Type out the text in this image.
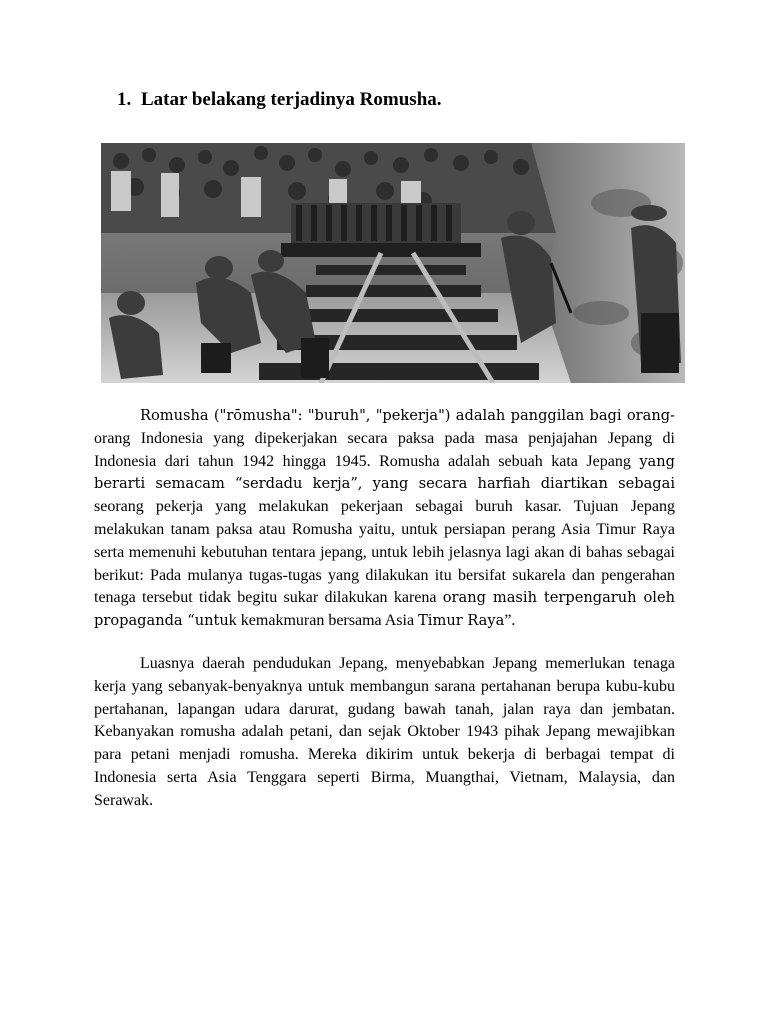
1. Latar belakang terjadinya Romusha.

Romusha ("rōmusha": "buruh", "pekerja") adalah panggilan bagi orang-orang Indonesia yang dipekerjakan secara paksa pada masa penjajahan Jepang di Indonesia dari tahun 1942 hingga 1945. Romusha adalah sebuah kata Jepang yang berarti semacam “serdadu kerja”, yang secara harfiah diartikan sebagai seorang pekerja yang melakukan pekerjaan sebagai buruh kasar. Tujuan Jepang melakukan tanam paksa atau Romusha yaitu, untuk persiapan perang Asia Timur Raya serta memenuhi kebutuhan tentara jepang, untuk lebih jelasnya lagi akan di bahas sebagai berikut: Pada mulanya tugas-tugas yang dilakukan itu bersifat sukarela dan pengerahan tenaga tersebut tidak begitu sukar dilakukan karena orang masih terpengaruh oleh propaganda “untuk kemakmuran bersama Asia Timur Raya”.

Luasnya daerah pendudukan Jepang, menyebabkan Jepang memerlukan tenaga kerja yang sebanyak-benyaknya untuk membangun sarana pertahanan berupa kubu-kubu pertahanan, lapangan udara darurat, gudang bawah tanah, jalan raya dan jembatan. Kebanyakan romusha adalah petani, dan sejak Oktober 1943 pihak Jepang mewajibkan para petani menjadi romusha. Mereka dikirim untuk bekerja di berbagai tempat di Indonesia serta Asia Tenggara seperti Birma, Muangthai, Vietnam, Malaysia, dan Serawak.
